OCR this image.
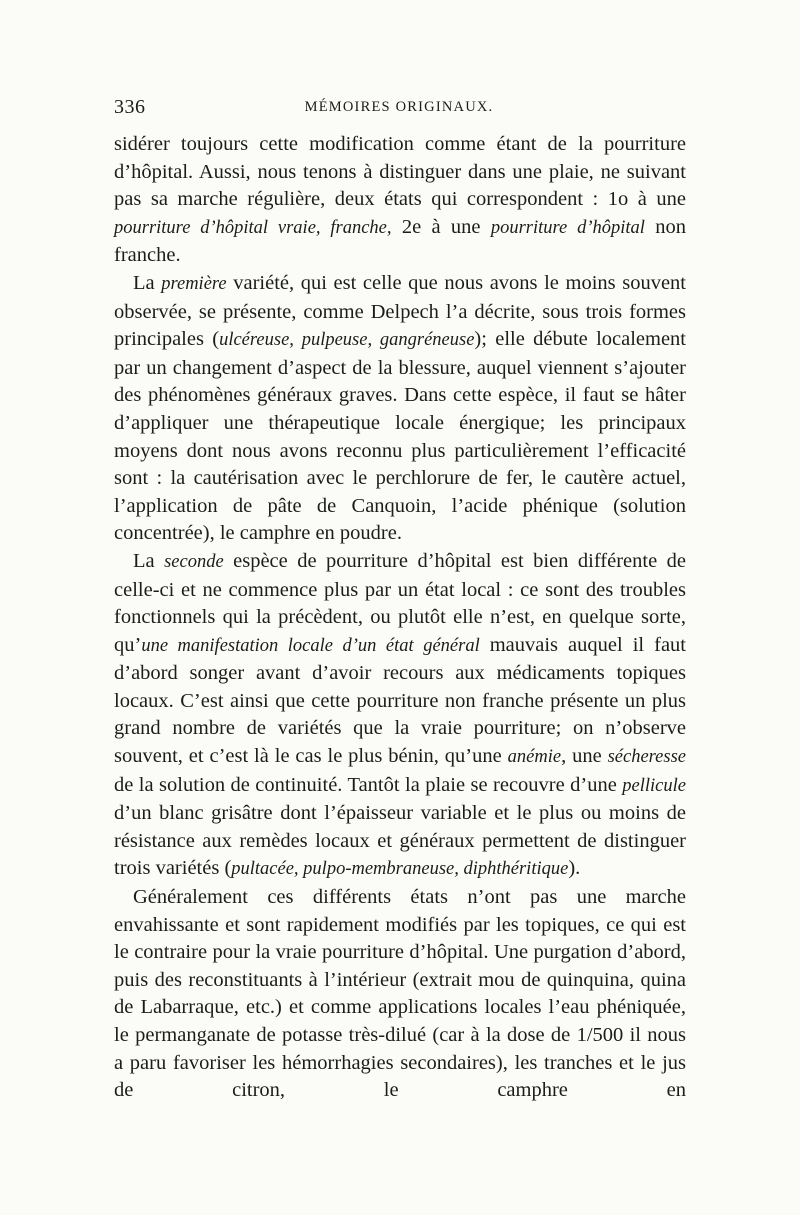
336	MÉMOIRES ORIGINAUX.

sidérer toujours cette modification comme étant de la pourriture d’hôpital. Aussi, nous tenons à distinguer dans une plaie, ne suivant pas sa marche régulière, deux états qui correspondent : 1o à une pourriture d’hôpital vraie, franche, 2e à une pourriture d’hôpital non franche.

La première variété, qui est celle que nous avons le moins souvent observée, se présente, comme Delpech l’a décrite, sous trois formes principales (ulcéreuse, pulpeuse, gangréneuse); elle débute localement par un changement d’aspect de la blessure, auquel viennent s’ajouter des phénomènes généraux graves. Dans cette espèce, il faut se hâter d’appliquer une thérapeutique locale énergique; les principaux moyens dont nous avons reconnu plus particulièrement l’efficacité sont : la cautérisation avec le perchlorure de fer, le cautère actuel, l’application de pâte de Canquoin, l’acide phénique (solution concentrée), le camphre en poudre.

La seconde espèce de pourriture d’hôpital est bien différente de celle-ci et ne commence plus par un état local : ce sont des troubles fonctionnels qui la précèdent, ou plutôt elle n’est, en quelque sorte, qu’une manifestation locale d’un état général mauvais auquel il faut d’abord songer avant d’avoir recours aux médicaments topiques locaux. C’est ainsi que cette pourriture non franche présente un plus grand nombre de variétés que la vraie pourriture; on n’observe souvent, et c’est là le cas le plus bénin, qu’une anémie, une sécheresse de la solution de continuité. Tantôt la plaie se recouvre d’une pellicule d’un blanc grisâtre dont l’épaisseur variable et le plus ou moins de résistance aux remèdes locaux et généraux permettent de distinguer trois variétés (pultacée, pulpo-membraneuse, diphthéritique).

Généralement ces différents états n’ont pas une marche envahissante et sont rapidement modifiés par les topiques, ce qui est le contraire pour la vraie pourriture d’hôpital. Une purgation d’abord, puis des reconstituants à l’intérieur (extrait mou de quinquina, quina de Labarraque, etc.) et comme applications locales l’eau phéniquée, le permanganate de potasse très-dilué (car à la dose de 1/500 il nous a paru favoriser les hémorrhagies secondaires), les tranches et le jus de citron, le camphre en
